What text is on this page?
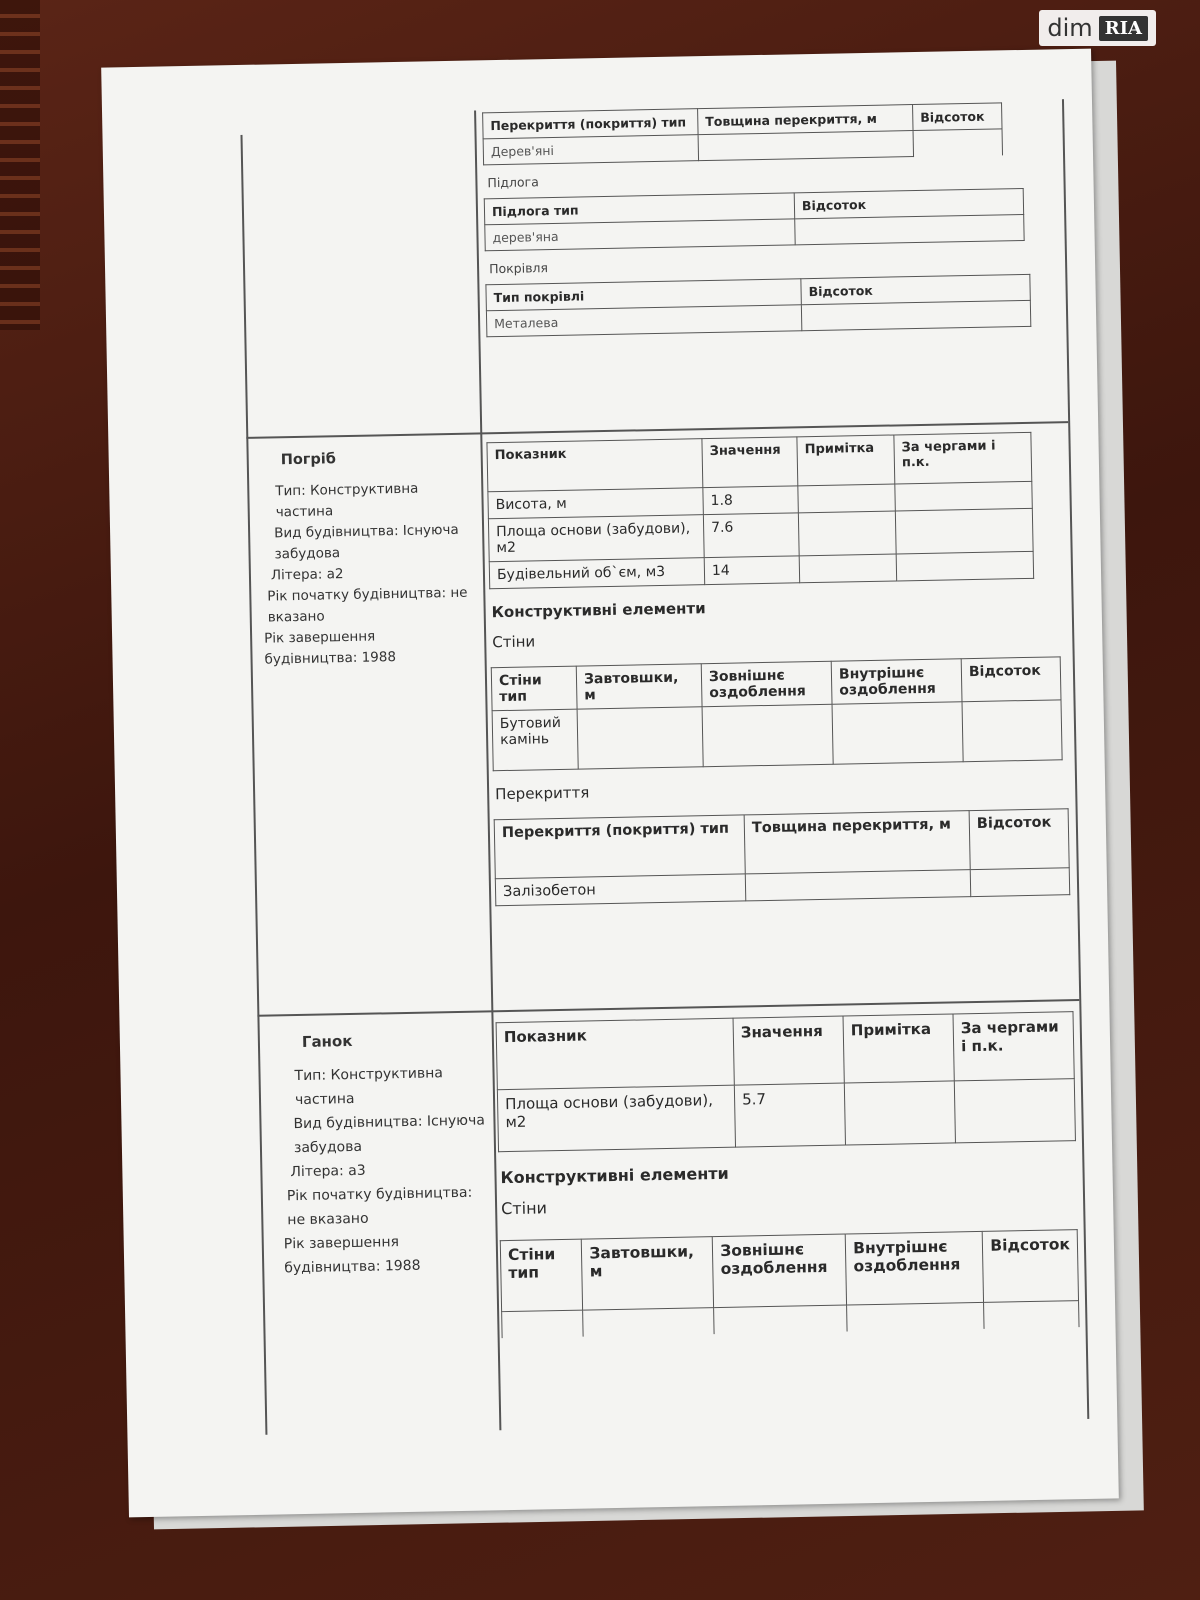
Перекриття (покриття) тип	Товщина перекриття, м	Відсоток
Дерев'яні		
Підлога
Підлога тип	Відсоток
дерев'яна	
Покрівля
Тип покрівлі	Відсоток
Металева	
Погріб
Тип: Конструктивна частина
Вид будівництва: Існуюча забудова
Літера: а2
Рік початку будівництва: не вказано
Рік завершення будівництва: 1988
Показник	Значення	Примітка	За чергами і п.к.
Висота, м	1.8		
Площа основи (забудови), м2	7.6		
Будівельний об`єм, м3	14		
Конструктивні елементи
Стіни
Стіни тип	Завтовшки, м	Зовнішнє оздоблення	Внутрішнє оздоблення	Відсоток
Бутовий камінь				
Перекриття
Перекриття (покриття) тип	Товщина перекриття, м	Відсоток
Залізобетон		
Ганок
Тип: Конструктивна частина
Вид будівництва: Існуюча забудова
Літера: а3
Рік початку будівництва: не вказано
Рік завершення будівництва: 1988
Показник	Значення	Примітка	За чергами і п.к.
Площа основи (забудови), м2	5.7		
Конструктивні елементи
Стіни
Стіни тип	Завтовшки, м	Зовнішнє оздоблення	Внутрішнє оздоблення	Відсоток

dim RIA
